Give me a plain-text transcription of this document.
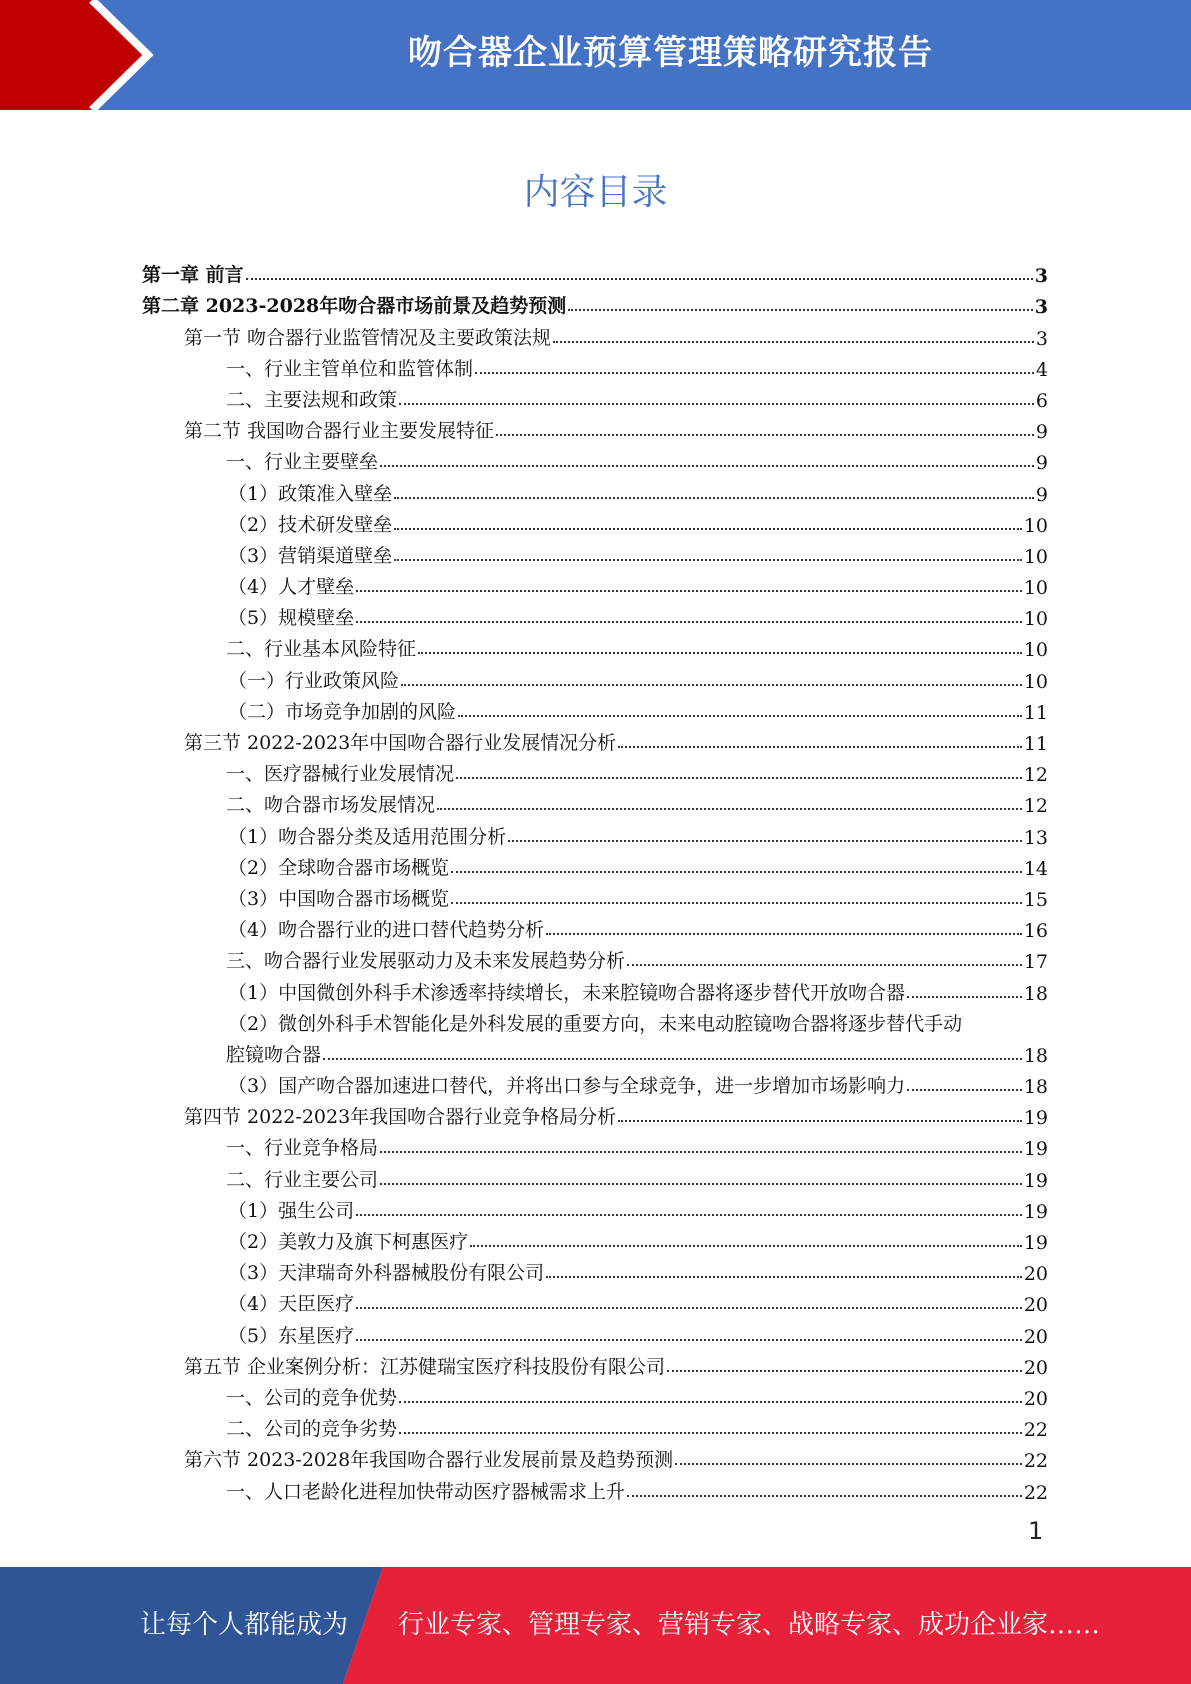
吻合器企业预算管理策略研究报告
内容目录
第一章 前言	3
第二章 2023-2028年吻合器市场前景及趋势预测	3
第一节 吻合器行业监管情况及主要政策法规	3
一、行业主管单位和监管体制	4
二、主要法规和政策	6
第二节 我国吻合器行业主要发展特征	9
一、行业主要壁垒	9
（1）政策准入壁垒	9
（2）技术研发壁垒	10
（3）营销渠道壁垒	10
（4）人才壁垒	10
（5）规模壁垒	10
二、行业基本风险特征	10
（一）行业政策风险	10
（二）市场竞争加剧的风险	11
第三节 2022-2023年中国吻合器行业发展情况分析	11
一、医疗器械行业发展情况	12
二、吻合器市场发展情况	12
（1）吻合器分类及适用范围分析	13
（2）全球吻合器市场概览	14
（3）中国吻合器市场概览	15
（4）吻合器行业的进口替代趋势分析	16
三、吻合器行业发展驱动力及未来发展趋势分析	17
（1）中国微创外科手术渗透率持续增长，未来腔镜吻合器将逐步替代开放吻合器	18
（2）微创外科手术智能化是外科发展的重要方向，未来电动腔镜吻合器将逐步替代手动
腔镜吻合器	18
（3）国产吻合器加速进口替代，并将出口参与全球竞争，进一步增加市场影响力	18
第四节 2022-2023年我国吻合器行业竞争格局分析	19
一、行业竞争格局	19
二、行业主要公司	19
（1）强生公司	19
（2）美敦力及旗下柯惠医疗	19
（3）天津瑞奇外科器械股份有限公司	20
（4）天臣医疗	20
（5）东星医疗	20
第五节 企业案例分析：江苏健瑞宝医疗科技股份有限公司	20
一、公司的竞争优势	20
二、公司的竞争劣势	22
第六节 2023-2028年我国吻合器行业发展前景及趋势预测	22
一、人口老龄化进程加快带动医疗器械需求上升	22
1
让每个人都能成为 行业专家、管理专家、营销专家、战略专家、成功企业家……
